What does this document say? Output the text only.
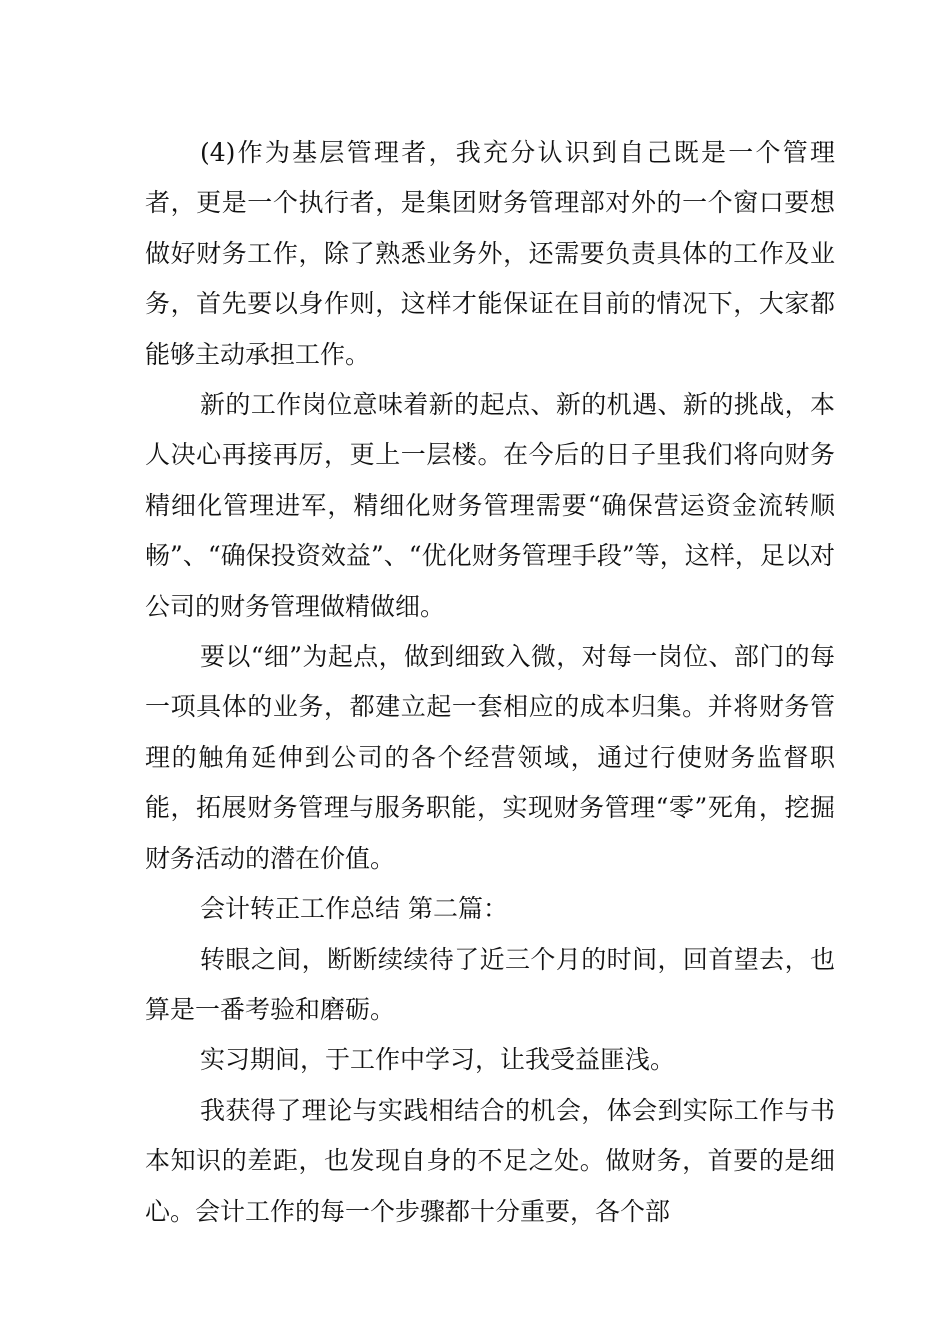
(4)作为基层管理者，我充分认识到自己既是一个管理者，更是一个执行者，是集团财务管理部对外的一个窗口要想做好财务工作，除了熟悉业务外，还需要负责具体的工作及业务，首先要以身作则，这样才能保证在目前的情况下，大家都能够主动承担工作。

新的工作岗位意味着新的起点、新的机遇、新的挑战，本人决心再接再厉，更上一层楼。在今后的日子里我们将向财务精细化管理进军，精细化财务管理需要“确保营运资金流转顺畅”、“确保投资效益”、“优化财务管理手段”等，这样，足以对公司的财务管理做精做细。

要以“细”为起点，做到细致入微，对每一岗位、部门的每一项具体的业务，都建立起一套相应的成本归集。并将财务管理的触角延伸到公司的各个经营领域，通过行使财务监督职能，拓展财务管理与服务职能，实现财务管理“零”死角，挖掘财务活动的潜在价值。

会计转正工作总结 第二篇：

转眼之间，断断续续待了近三个月的时间，回首望去，也算是一番考验和磨砺。

实习期间，于工作中学习，让我受益匪浅。

我获得了理论与实践相结合的机会，体会到实际工作与书本知识的差距，也发现自身的不足之处。做财务，首要的是细心。会计工作的每一个步骤都十分重要，各个部
